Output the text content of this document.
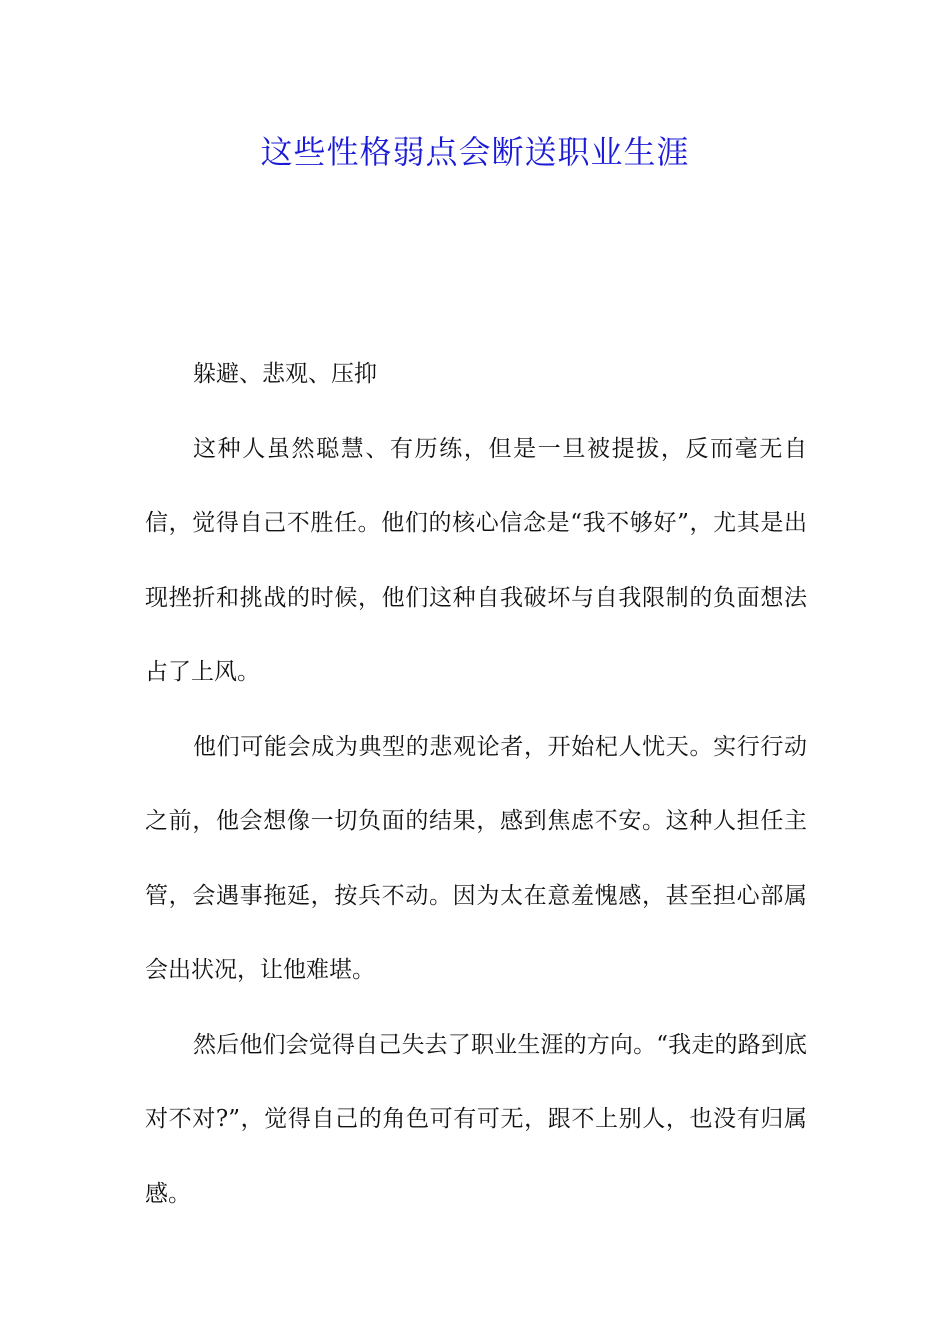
这些性格弱点会断送职业生涯

躲避、悲观、压抑

这种人虽然聪慧、有历练，但是一旦被提拔，反而毫无自信，觉得自己不胜任。他们的核心信念是“我不够好”，尤其是出现挫折和挑战的时候，他们这种自我破坏与自我限制的负面想法占了上风。

他们可能会成为典型的悲观论者，开始杞人忧天。实行行动之前，他会想像一切负面的结果，感到焦虑不安。这种人担任主管，会遇事拖延，按兵不动。因为太在意羞愧感，甚至担心部属会出状况，让他难堪。

然后他们会觉得自己失去了职业生涯的方向。“我走的路到底对不对?”，觉得自己的角色可有可无，跟不上别人，也没有归属感。
